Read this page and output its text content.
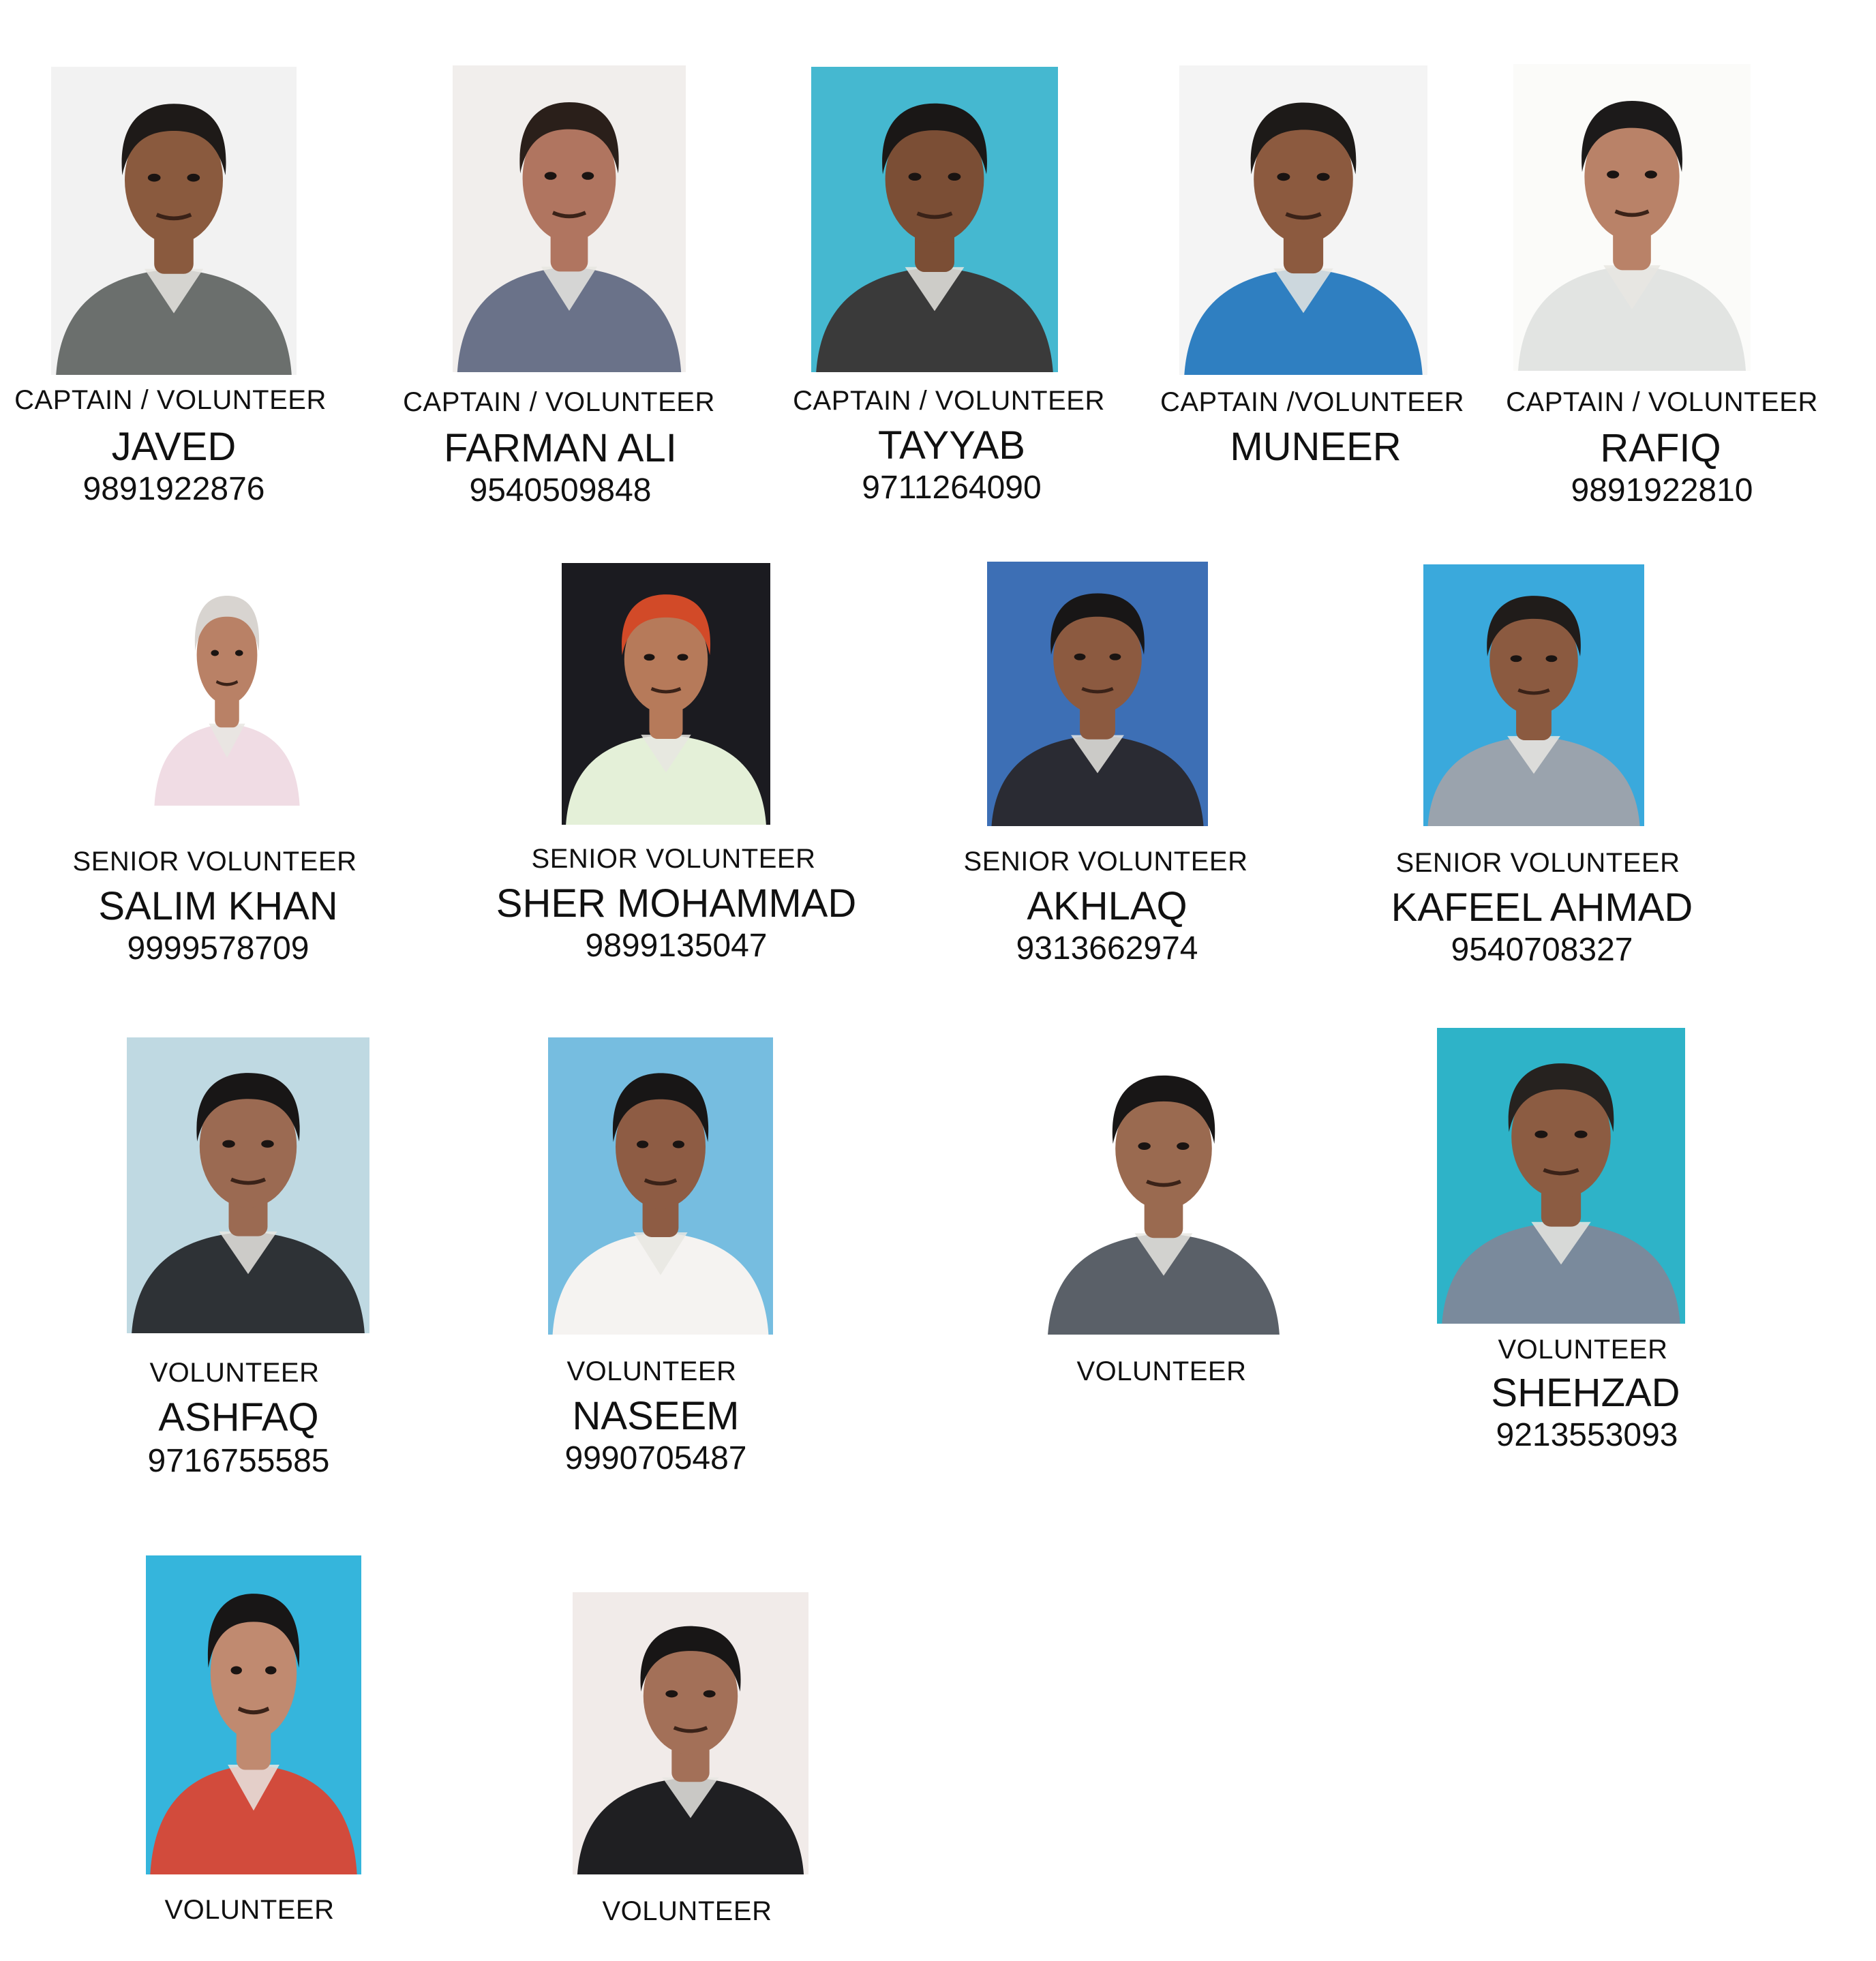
CAPTAIN / VOLUNTEER
JAVED
9891922876
CAPTAIN / VOLUNTEER
FARMAN ALI
9540509848
CAPTAIN / VOLUNTEER
TAYYAB
9711264090
CAPTAIN /VOLUNTEER
MUNEER
CAPTAIN / VOLUNTEER
RAFIQ
9891922810
SENIOR VOLUNTEER
SALIM KHAN
9999578709
SENIOR VOLUNTEER
SHER MOHAMMAD
9899135047
SENIOR VOLUNTEER
AKHLAQ
9313662974
SENIOR VOLUNTEER
KAFEEL AHMAD
9540708327
VOLUNTEER
ASHFAQ
9716755585
VOLUNTEER
NASEEM
9990705487
VOLUNTEER
VOLUNTEER
SHEHZAD
9213553093
VOLUNTEER	VOLUNTEER
